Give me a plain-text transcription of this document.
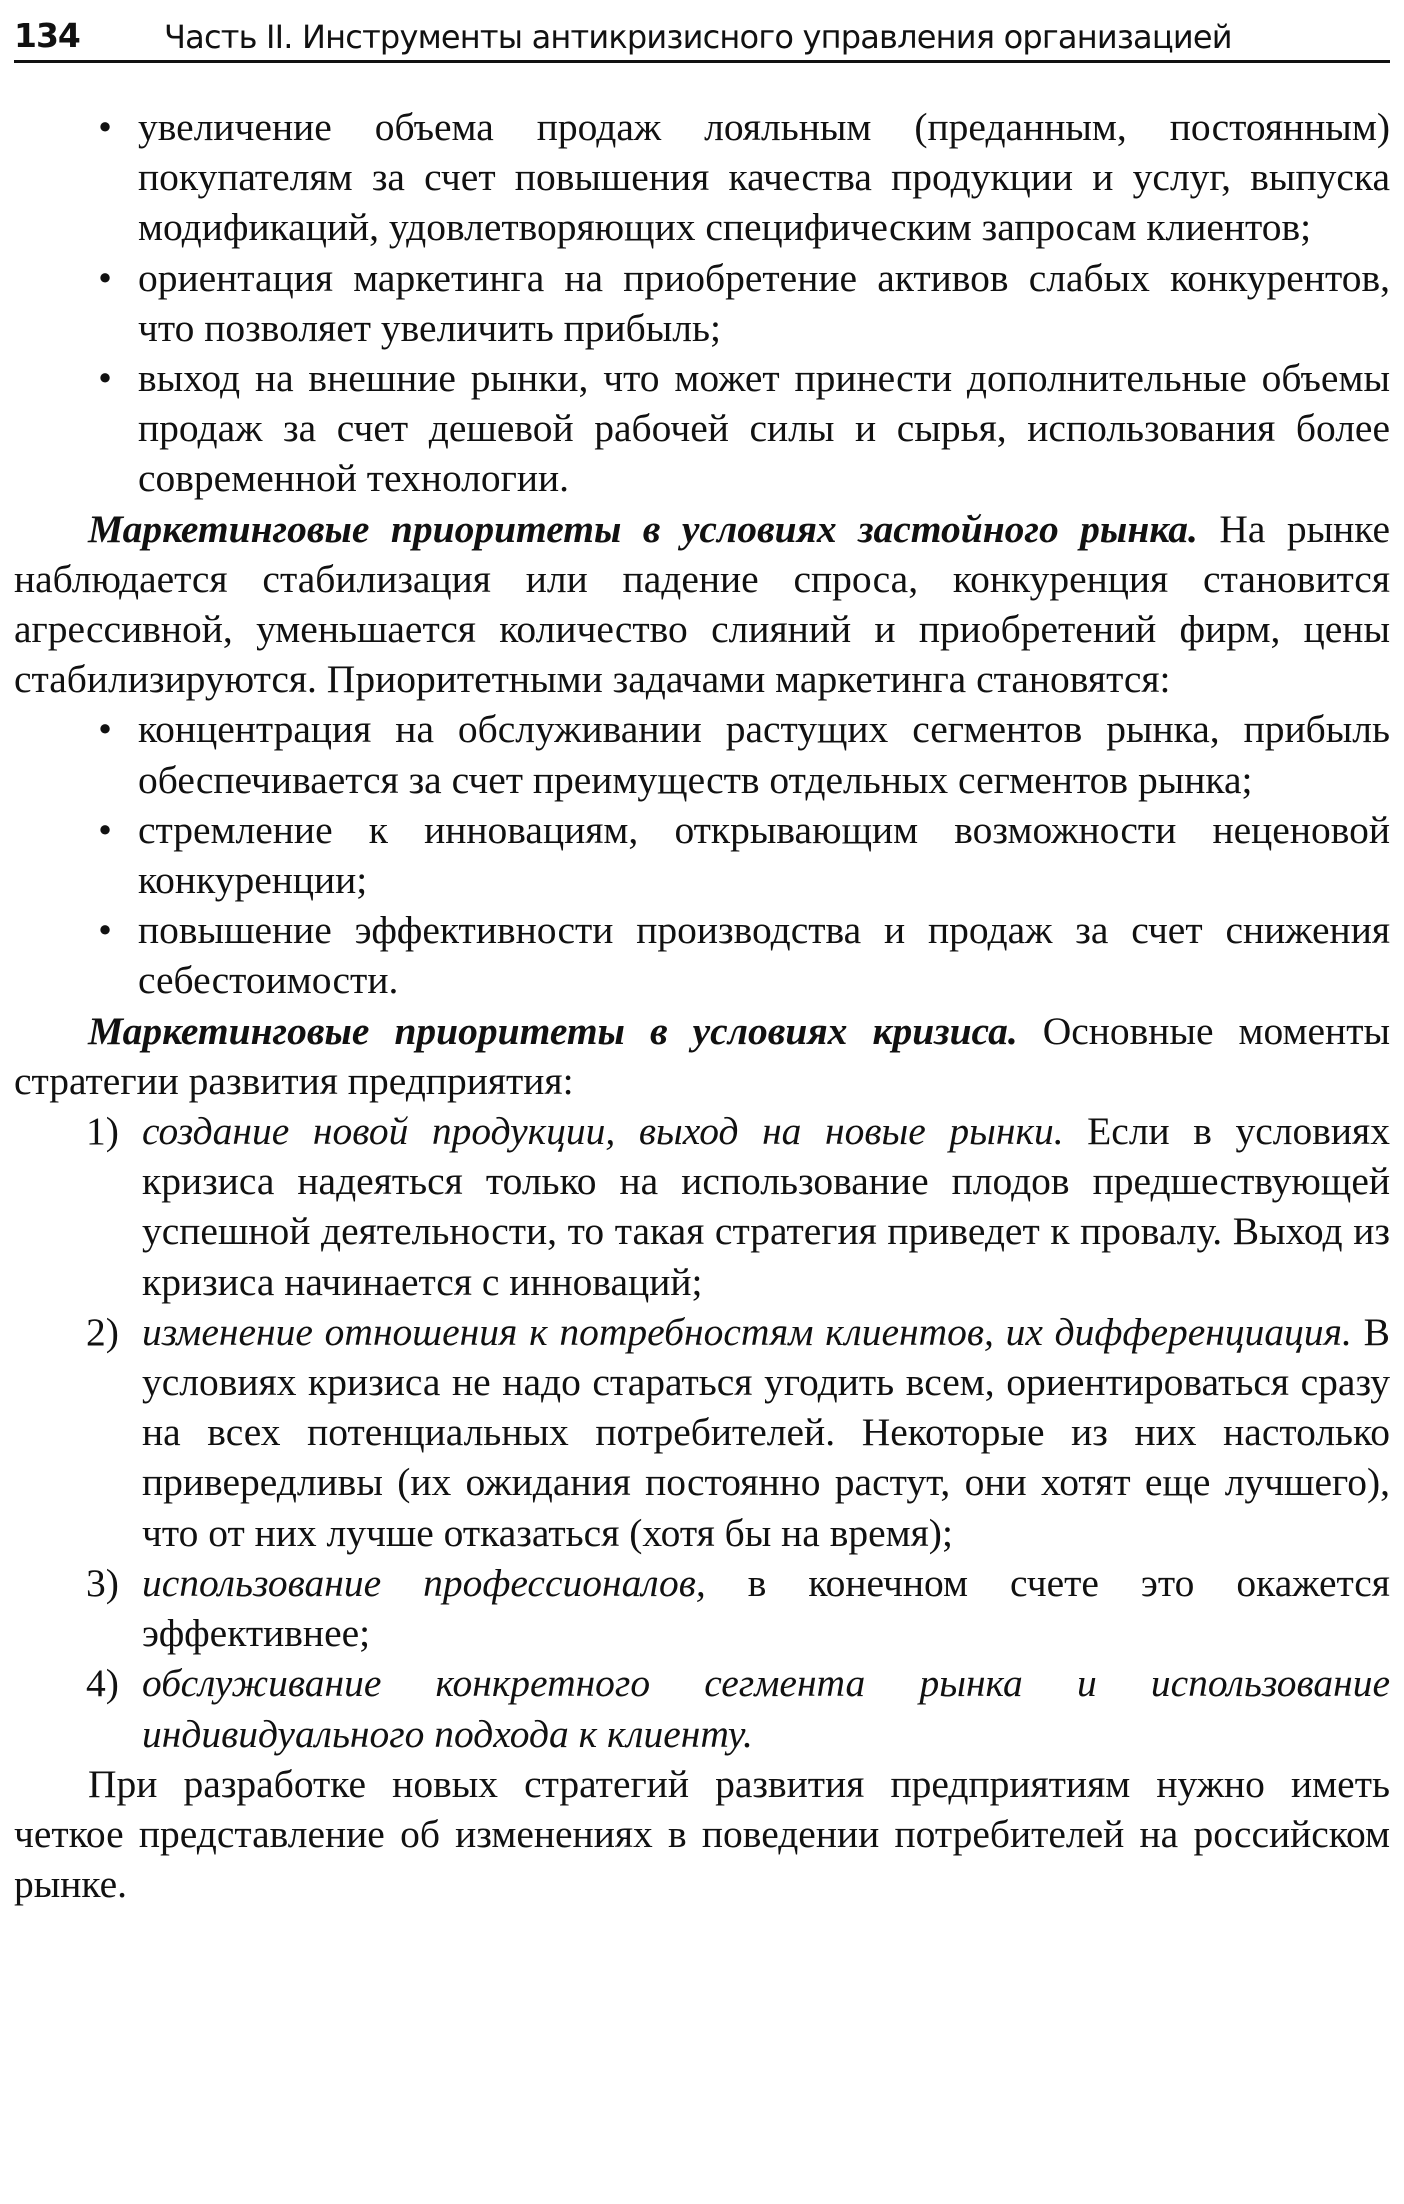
134	Часть II. Инструменты антикризисного управления организацией
• увеличение объема продаж лояльным (преданным, постоянным) покупателям за счет повышения качества продукции и услуг, выпуска модификаций, удовлетворяющих специфическим запросам клиентов;
• ориентация маркетинга на приобретение активов слабых конкурентов, что позволяет увеличить прибыль;
• выход на внешние рынки, что может принести дополнительные объемы продаж за счет дешевой рабочей силы и сырья, использования более современной технологии.

Маркетинговые приоритеты в условиях застойного рынка. На рынке наблюдается стабилизация или падение спроса, конкуренция становится агрессивной, уменьшается количество слияний и приобретений фирм, цены стабилизируются. Приоритетными задачами маркетинга становятся:

• концентрация на обслуживании растущих сегментов рынка, прибыль обеспечивается за счет преимуществ отдельных сегментов рынка;
• стремление к инновациям, открывающим возможности неценовой конкуренции;
• повышение эффективности производства и продаж за счет снижения себестоимости.

Маркетинговые приоритеты в условиях кризиса. Основные моменты стратегии развития предприятия:

1) создание новой продукции, выход на новые рынки. Если в условиях кризиса надеяться только на использование плодов предшествующей успешной деятельности, то такая стратегия приведет к провалу. Выход из кризиса начинается с инноваций;
2) изменение отношения к потребностям клиентов, их дифференциация. В условиях кризиса не надо стараться угодить всем, ориентироваться сразу на всех потенциальных потребителей. Некоторые из них настолько привередливы (их ожидания постоянно растут, они хотят еще лучшего), что от них лучше отказаться (хотя бы на время);
3) использование профессионалов, в конечном счете это окажется эффективнее;
4) обслуживание конкретного сегмента рынка и использование индивидуального подхода к клиенту.

При разработке новых стратегий развития предприятиям нужно иметь четкое представление об изменениях в поведении потребителей на российском рынке.
